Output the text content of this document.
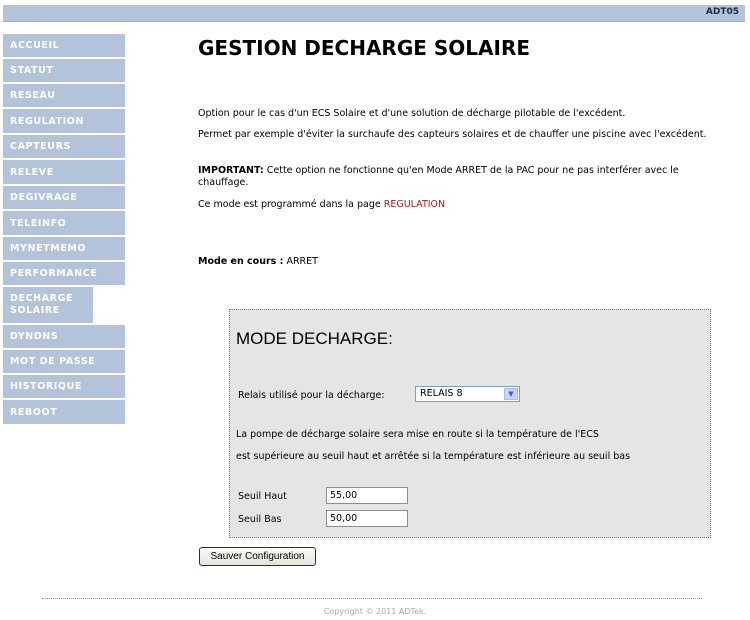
ADT05
ACCUEIL
STATUT
RESEAU
REGULATION
CAPTEURS
RELEVE
DEGIVRAGE
TELEINFO
MYNETMEMO
PERFORMANCE
DECHARGE SOLAIRE
DYNDNS
MOT DE PASSE
HISTORIQUE
REBOOT
GESTION DECHARGE SOLAIRE
Option pour le cas d'un ECS Solaire et d'une solution de décharge pilotable de l'excédent.
Permet par exemple d'éviter la surchaufe des capteurs solaires et de chauffer une piscine avec l'excédent.
IMPORTANT: Cette option ne fonctionne qu'en Mode ARRET de la PAC pour ne pas interférer avec le chauffage.
Ce mode est programmé dans la page REGULATION
Mode en cours : ARRET
MODE DECHARGE:
Relais utilisé pour la décharge:	RELAIS 8	▼
La pompe de décharge solaire sera mise en route si la température de l'ECS
est supérieure au seuil haut et arrêtée si la température est inférieure au seuil bas
Seuil Haut	55,00
Seuil Bas	50,00
Sauver Configuration
Copyright © 2011 ADTek.
